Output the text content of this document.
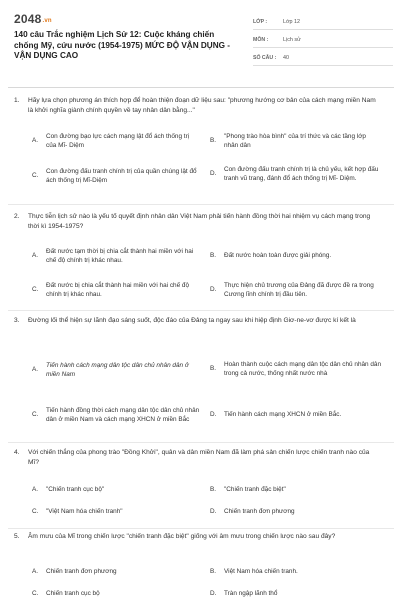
2048.vn
140 câu Trắc nghiệm Lịch Sử 12: Cuộc kháng chiến chống Mỹ, cứu nước (1954-1975) MỨC ĐỘ VẬN DỤNG - VẬN DỤNG CAO
LỚP :	Lớp 12
MÔN :	Lịch sử
SỐ CÂU :	40
1. Hãy lựa chọn phương án thích hợp để hoàn thiện đoạn dữ liệu sau: "phương hướng cơ bản của cách mạng miền Nam là khởi nghĩa giành chính quyền về tay nhân dân bằng..."
A.
Con đường bạo lực cách mạng lật đổ ách thống trị của Mĩ- Diệm
B.
"Phong trào hòa bình" của trí thức và các tầng lớp nhân dân
C.
Con đường đấu tranh chính trị của quần chúng lật đổ ách thống trị Mĩ-Diệm
D.
Con đường đấu tranh chính trị là chủ yếu, kết hợp đấu tranh vũ trang, đánh đổ ách thống trị Mĩ- Diệm.
2. Thực tiễn lịch sử nào là yếu tố quyết định nhân dân Việt Nam phải tiến hành đồng thời hai nhiệm vụ cách mạng trong thời kì 1954-1975?
A.
Đất nước tạm thời bị chia cắt thành hai miền với hai chế độ chính trị khác nhau.
B.	Đất nước hoàn toàn được giải phóng.
C.
Đất nước bị chia cắt thành hai miền với hai chế độ chính trị khác nhau.
D.
Thực hiện chủ trương của Đảng đã được đề ra trong Cương lĩnh chính trị đầu tiên.
3. Đường lối thể hiện sự lãnh đạo sáng suốt, độc đáo của Đảng ta ngay sau khi hiệp định Giơ-ne-vơ được kí kết là
A.
Tiến hành cách mạng dân tộc dân chủ nhân dân ở miền Nam
B.
Hoàn thành cuộc cách mạng dân tộc dân chủ nhân dân trong cả nước, thống nhất nước nhà
C.
Tiến hành đồng thời cách mạng dân tộc dân chủ nhân dân ở miền Nam và cách mạng XHCN ở miền Bắc
D.	Tiến hành cách mạng XHCN ở miền Bắc.
4. Với chiến thắng của phong trào "Đồng Khởi", quân và dân miền Nam đã làm phá sản chiến lược chiến tranh nào của Mĩ?
A.	"Chiến tranh cục bộ"	B.	"Chiến tranh đặc biệt"
C.	"Việt Nam hóa chiến tranh"	D.	Chiến tranh đơn phương
5. Âm mưu của Mĩ trong chiến lược "chiến tranh đặc biệt" giống với âm mưu trong chiến lược nào sau đây?
A.	Chiến tranh đơn phương	B.	Việt Nam hóa chiến tranh.
C.	Chiến tranh cục bộ	D.	Tràn ngập lãnh thổ
